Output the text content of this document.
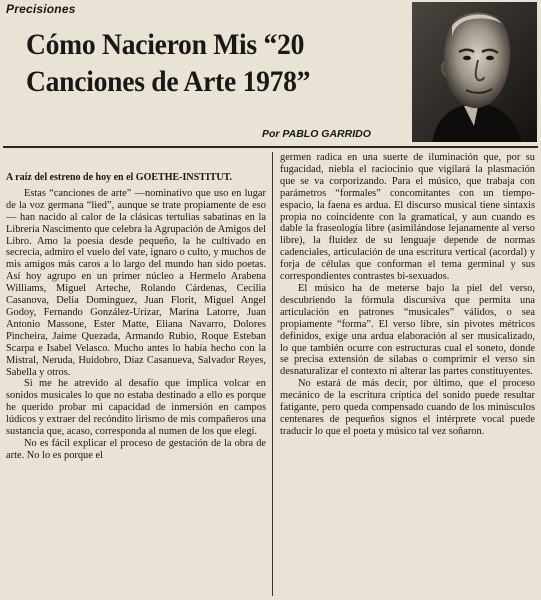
Precisiones
Cómo Nacieron Mis “20
Canciones de Arte 1978”
Por PABLO GARRIDO

A raíz del estreno de hoy en el GOETHE-INSTITUT.

Estas “canciones de arte” —nominativo que uso en lugar de la voz germana “lied”, aunque se trate propiamente de eso— han nacido al calor de la clásicas tertulias sabatinas en la Librería Nascimento que celebra la Agrupación de Amigos del Libro. Amo la poesía desde pequeño, la he cultivado en secrecía, admiro el vuelo del vate, ignaro o culto, y muchos de mis amigos más caros a lo largo del mundo han sido poetas. Así hoy agrupo en un primer núcleo a Hermelo Arabena Williams, Miguel Arteche, Rolando Cárdenas, Cecilia Casanova, Delia Domínguez, Juan Florit, Miguel Angel Godoy, Fernando González-Urízar, Marina Latorre, Juan Antonio Massone, Ester Matte, Eliana Navarro, Dolores Pincheira, Jaime Quezada, Armando Rubio, Roque Esteban Scarpa e Isabel Velasco. Mucho antes lo había hecho con la Mistral, Neruda, Huidobro, Díaz Casanueva, Salvador Reyes, Sabella y otros.

Si me he atrevido al desafío que implica volcar en sonidos musicales lo que no estaba destinado a ello es porque he querido probar mi capacidad de inmersión en campos lúdicos y extraer del recóndito lirismo de mis compañeros una sustancia que, acaso, corresponda al numen de los que elegí.

No es fácil explicar el proceso de gestación de la obra de arte. No lo es porque el

germen radica en una suerte de iluminación que, por su fugacidad, niebla el raciocinio que vigilará la plasmación que se va corporizando. Para el músico, que trabaja con parámetros “formales” concomitantes con un tiempo-espacio, la faena es ardua. El discurso musical tiene sintaxis propia no coincidente con la gramatical, y aun cuando es dable la fraseología libre (asimilándose lejanamente al verso libre), la fluidez de su lenguaje depende de normas cadenciales, articulación de una escritura vertical (acordal) y forja de células que conforman el tema germinal y sus correspondientes contrastes bi-sexuados.

El músico ha de meterse bajo la piel del verso, descubriendo la fórmula discursiva que permita una articulación en patrones “musicales” válidos, o sea propiamente “forma”. El verso libre, sin pivotes métricos definidos, exige una ardua elaboración al ser musicalizado, lo que también ocurre con estructuras cual el soneto, donde se precisa extensión de sílabas o comprimir el verso sin desnaturalizar el contexto ni alterar las partes constituyentes.

No estará de más decir, por último, que el proceso mecánico de la escritura críptica del sonido puede resultar fatigante, pero queda compensado cuando de los minúsculos centenares de pequeños signos el intérprete vocal puede traducir lo que el poeta y músico tal vez soñaron.
